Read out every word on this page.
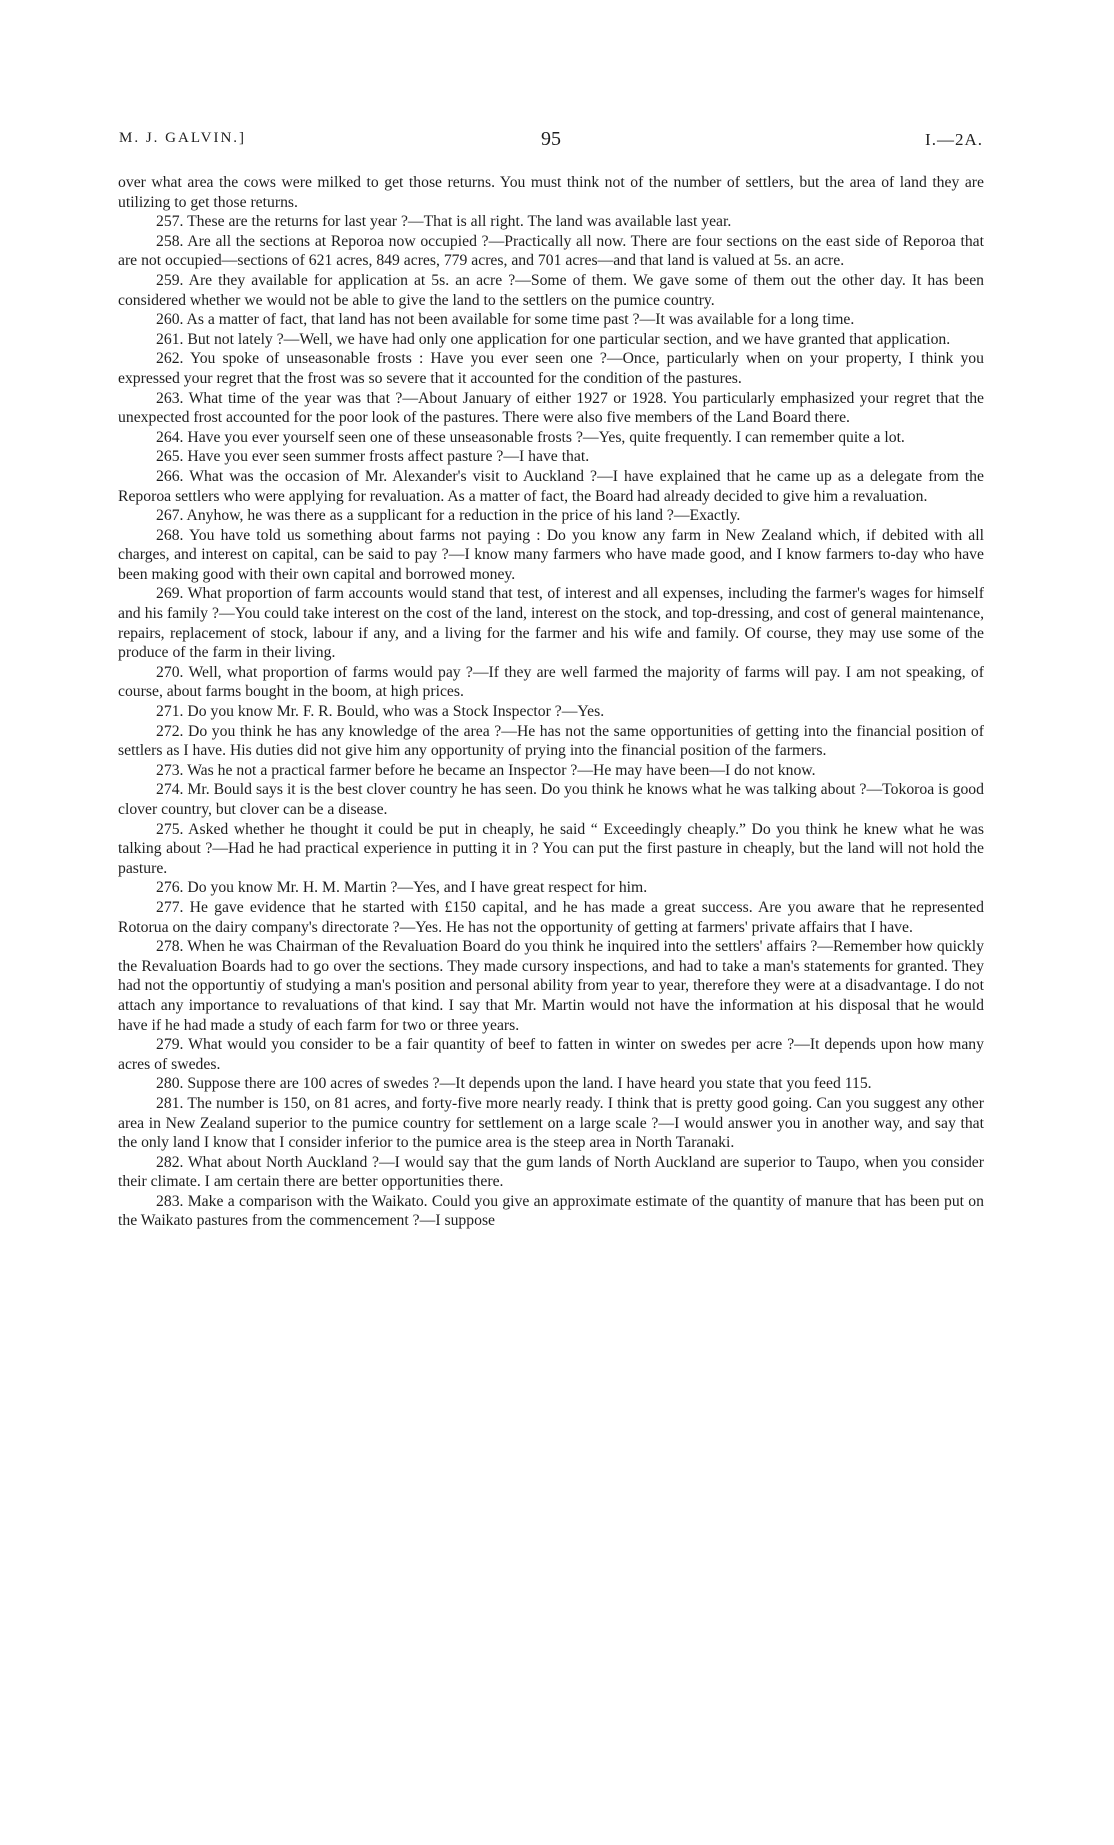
M. J. GALVIN.]	95	I.—2A.

over what area the cows were milked to get those returns. You must think not of the number of settlers, but the area of land they are utilizing to get those returns.

257. These are the returns for last year ?—That is all right. The land was available last year.

258. Are all the sections at Reporoa now occupied ?—Practically all now. There are four sections on the east side of Reporoa that are not occupied—sections of 621 acres, 849 acres, 779 acres, and 701 acres—and that land is valued at 5s. an acre.

259. Are they available for application at 5s. an acre ?—Some of them. We gave some of them out the other day. It has been considered whether we would not be able to give the land to the settlers on the pumice country.

260. As a matter of fact, that land has not been available for some time past ?—It was available for a long time.

261. But not lately ?—Well, we have had only one application for one particular section, and we have granted that application.

262. You spoke of unseasonable frosts : Have you ever seen one ?—Once, particularly when on your property, I think you expressed your regret that the frost was so severe that it accounted for the condition of the pastures.

263. What time of the year was that ?—About January of either 1927 or 1928. You particularly emphasized your regret that the unexpected frost accounted for the poor look of the pastures. There were also five members of the Land Board there.

264. Have you ever yourself seen one of these unseasonable frosts ?—Yes, quite frequently. I can remember quite a lot.

265. Have you ever seen summer frosts affect pasture ?—I have that.

266. What was the occasion of Mr. Alexander's visit to Auckland ?—I have explained that he came up as a delegate from the Reporoa settlers who were applying for revaluation. As a matter of fact, the Board had already decided to give him a revaluation.

267. Anyhow, he was there as a supplicant for a reduction in the price of his land ?—Exactly.

268. You have told us something about farms not paying : Do you know any farm in New Zealand which, if debited with all charges, and interest on capital, can be said to pay ?—I know many farmers who have made good, and I know farmers to-day who have been making good with their own capital and borrowed money.

269. What proportion of farm accounts would stand that test, of interest and all expenses, including the farmer's wages for himself and his family ?—You could take interest on the cost of the land, interest on the stock, and top-dressing, and cost of general maintenance, repairs, replacement of stock, labour if any, and a living for the farmer and his wife and family. Of course, they may use some of the produce of the farm in their living.

270. Well, what proportion of farms would pay ?—If they are well farmed the majority of farms will pay. I am not speaking, of course, about farms bought in the boom, at high prices.

271. Do you know Mr. F. R. Bould, who was a Stock Inspector ?—Yes.

272. Do you think he has any knowledge of the area ?—He has not the same opportunities of getting into the financial position of settlers as I have. His duties did not give him any opportunity of prying into the financial position of the farmers.

273. Was he not a practical farmer before he became an Inspector ?—He may have been—I do not know.

274. Mr. Bould says it is the best clover country he has seen. Do you think he knows what he was talking about ?—Tokoroa is good clover country, but clover can be a disease.

275. Asked whether he thought it could be put in cheaply, he said “ Exceedingly cheaply.” Do you think he knew what he was talking about ?—Had he had practical experience in putting it in ? You can put the first pasture in cheaply, but the land will not hold the pasture.

276. Do you know Mr. H. M. Martin ?—Yes, and I have great respect for him.

277. He gave evidence that he started with £150 capital, and he has made a great success. Are you aware that he represented Rotorua on the dairy company's directorate ?—Yes. He has not the opportunity of getting at farmers' private affairs that I have.

278. When he was Chairman of the Revaluation Board do you think he inquired into the settlers' affairs ?—Remember how quickly the Revaluation Boards had to go over the sections. They made cursory inspections, and had to take a man's statements for granted. They had not the opportuntiy of studying a man's position and personal ability from year to year, therefore they were at a disadvantage. I do not attach any importance to revaluations of that kind. I say that Mr. Martin would not have the information at his disposal that he would have if he had made a study of each farm for two or three years.

279. What would you consider to be a fair quantity of beef to fatten in winter on swedes per acre ?—It depends upon how many acres of swedes.

280. Suppose there are 100 acres of swedes ?—It depends upon the land. I have heard you state that you feed 115.

281. The number is 150, on 81 acres, and forty-five more nearly ready. I think that is pretty good going. Can you suggest any other area in New Zealand superior to the pumice country for settlement on a large scale ?—I would answer you in another way, and say that the only land I know that I consider inferior to the pumice area is the steep area in North Taranaki.

282. What about North Auckland ?—I would say that the gum lands of North Auckland are superior to Taupo, when you consider their climate. I am certain there are better opportunities there.

283. Make a comparison with the Waikato. Could you give an approximate estimate of the quantity of manure that has been put on the Waikato pastures from the commencement ?—I suppose
